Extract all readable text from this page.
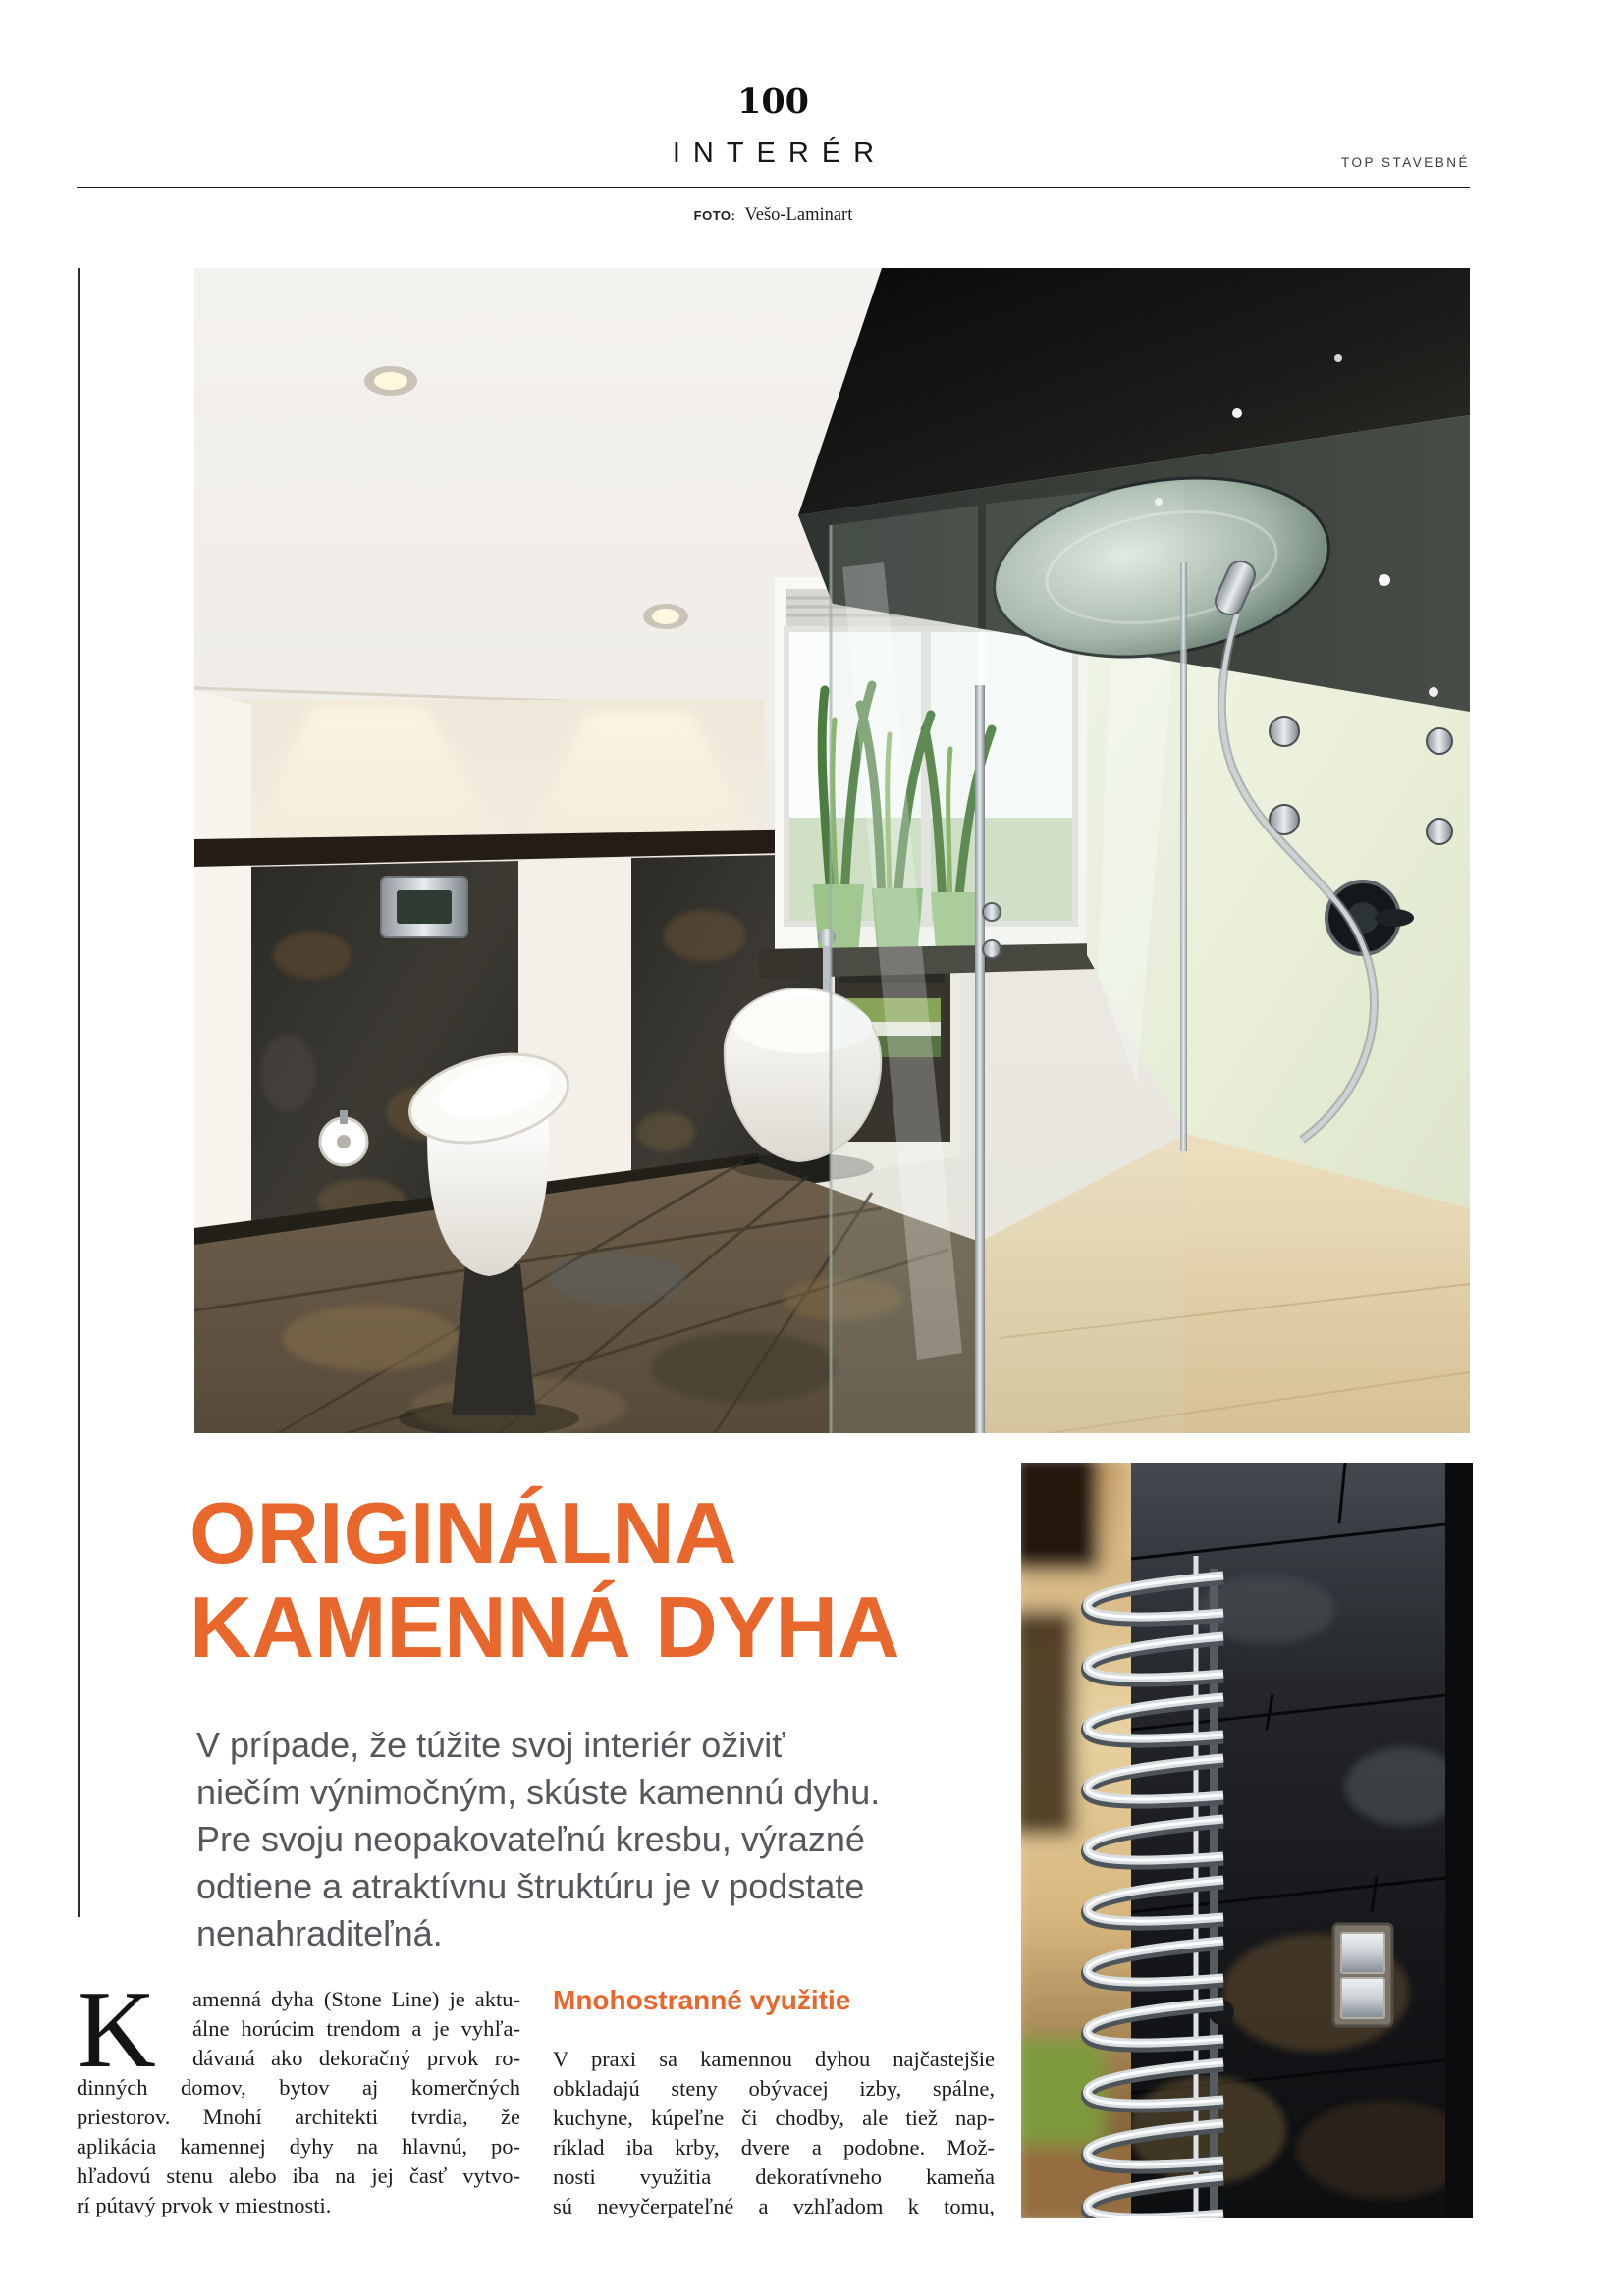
100
INTERÉR	TOP STAVEBNÉ
FOTO: Vešo-Laminart
ORIGINÁLNA
KAMENNÁ DYHA
V prípade, že túžite svoj interiér oživiť
niečím výnimočným, skúste kamennú dyhu.
Pre svoju neopakovateľnú kresbu, výrazné
odtiene a atraktívnu štruktúru je v podstate
nenahraditeľná.
K	amenná dyha (Stone Line) je aktu-
álne horúcim trendom a je vyhľa-
dávaná ako dekoračný prvok ro-
dinných domov, bytov aj komerčných
priestorov. Mnohí architekti tvrdia, že
aplikácia kamennej dyhy na hlavnú, po-
hľadovú stenu alebo iba na jej časť vytvo-
rí pútavý prvok v miestnosti.
Mnohostranné využitie
V praxi sa kamennou dyhou najčastejšie
obkladajú steny obývacej izby, spálne,
kuchyne, kúpeľne či chodby, ale tiež nap-
ríklad iba krby, dvere a podobne. Mož-
nosti využitia dekoratívneho kameňa
sú nevyčerpateľné a vzhľadom k tomu,
